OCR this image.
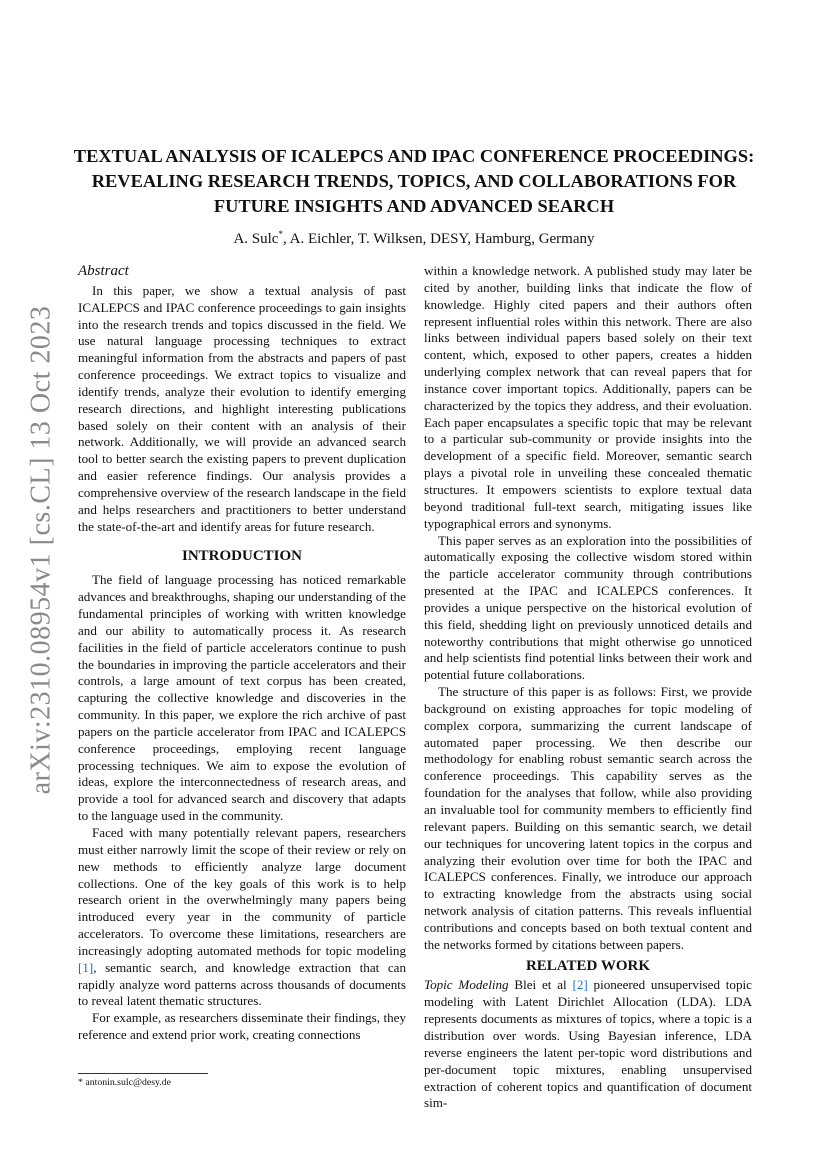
arXiv:2310.08954v1 [cs.CL] 13 Oct 2023
TEXTUAL ANALYSIS OF ICALEPCS AND IPAC CONFERENCE PROCEEDINGS: REVEALING RESEARCH TRENDS, TOPICS, AND COLLABORATIONS FOR FUTURE INSIGHTS AND ADVANCED SEARCH
A. Sulc*, A. Eichler, T. Wilksen, DESY, Hamburg, Germany
Abstract

In this paper, we show a textual analysis of past ICALEPCS and IPAC conference proceedings to gain insights into the research trends and topics discussed in the field. We use natural language processing techniques to extract meaningful information from the abstracts and papers of past conference proceedings. We extract topics to visualize and identify trends, analyze their evolution to identify emerging research directions, and highlight interesting publications based solely on their content with an analysis of their network. Additionally, we will provide an advanced search tool to better search the existing papers to prevent duplication and easier reference findings. Our analysis provides a comprehensive overview of the research landscape in the field and helps researchers and practitioners to better understand the state-of-the-art and identify areas for future research.

INTRODUCTION

The field of language processing has noticed remarkable advances and breakthroughs, shaping our understanding of the fundamental principles of working with written knowledge and our ability to automatically process it. As research facilities in the field of particle accelerators continue to push the boundaries in improving the particle accelerators and their controls, a large amount of text corpus has been created, capturing the collective knowledge and discoveries in the community. In this paper, we explore the rich archive of past papers on the particle accelerator from IPAC and ICALEPCS conference proceedings, employing recent language processing techniques. We aim to expose the evolution of ideas, explore the interconnectedness of research areas, and provide a tool for advanced search and discovery that adapts to the language used in the community.

Faced with many potentially relevant papers, researchers must either narrowly limit the scope of their review or rely on new methods to efficiently analyze large document collections. One of the key goals of this work is to help research orient in the overwhelmingly many papers being introduced every year in the community of particle accelerators. To overcome these limitations, researchers are increasingly adopting automated methods for topic modeling [1], semantic search, and knowledge extraction that can rapidly analyze word patterns across thousands of documents to reveal latent thematic structures.

For example, as researchers disseminate their findings, they reference and extend prior work, creating connections

within a knowledge network. A published study may later be cited by another, building links that indicate the flow of knowledge. Highly cited papers and their authors often represent influential roles within this network. There are also links between individual papers based solely on their text content, which, exposed to other papers, creates a hidden underlying complex network that can reveal papers that for instance cover important topics. Additionally, papers can be characterized by the topics they address, and their evoluation. Each paper encapsulates a specific topic that may be relevant to a particular sub-community or provide insights into the development of a specific field. Moreover, semantic search plays a pivotal role in unveiling these concealed thematic structures. It empowers scientists to explore textual data beyond traditional full-text search, mitigating issues like typographical errors and synonyms.

This paper serves as an exploration into the possibilities of automatically exposing the collective wisdom stored within the particle accelerator community through contributions presented at the IPAC and ICALEPCS conferences. It provides a unique perspective on the historical evolution of this field, shedding light on previously unnoticed details and noteworthy contributions that might otherwise go unnoticed and help scientists find potential links between their work and potential future collaborations.

The structure of this paper is as follows: First, we provide background on existing approaches for topic modeling of complex corpora, summarizing the current landscape of automated paper processing. We then describe our methodology for enabling robust semantic search across the conference proceedings. This capability serves as the foundation for the analyses that follow, while also providing an invaluable tool for community members to efficiently find relevant papers. Building on this semantic search, we detail our techniques for uncovering latent topics in the corpus and analyzing their evolution over time for both the IPAC and ICALEPCS conferences. Finally, we introduce our approach to extracting knowledge from the abstracts using social network analysis of citation patterns. This reveals influential contributions and concepts based on both textual content and the networks formed by citations between papers.

RELATED WORK

Topic Modeling Blei et al [2] pioneered unsupervised topic modeling with Latent Dirichlet Allocation (LDA). LDA represents documents as mixtures of topics, where a topic is a distribution over words. Using Bayesian inference, LDA reverse engineers the latent per-topic word distributions and per-document topic mixtures, enabling unsupervised extraction of coherent topics and quantification of document sim-

* antonin.sulc@desy.de
